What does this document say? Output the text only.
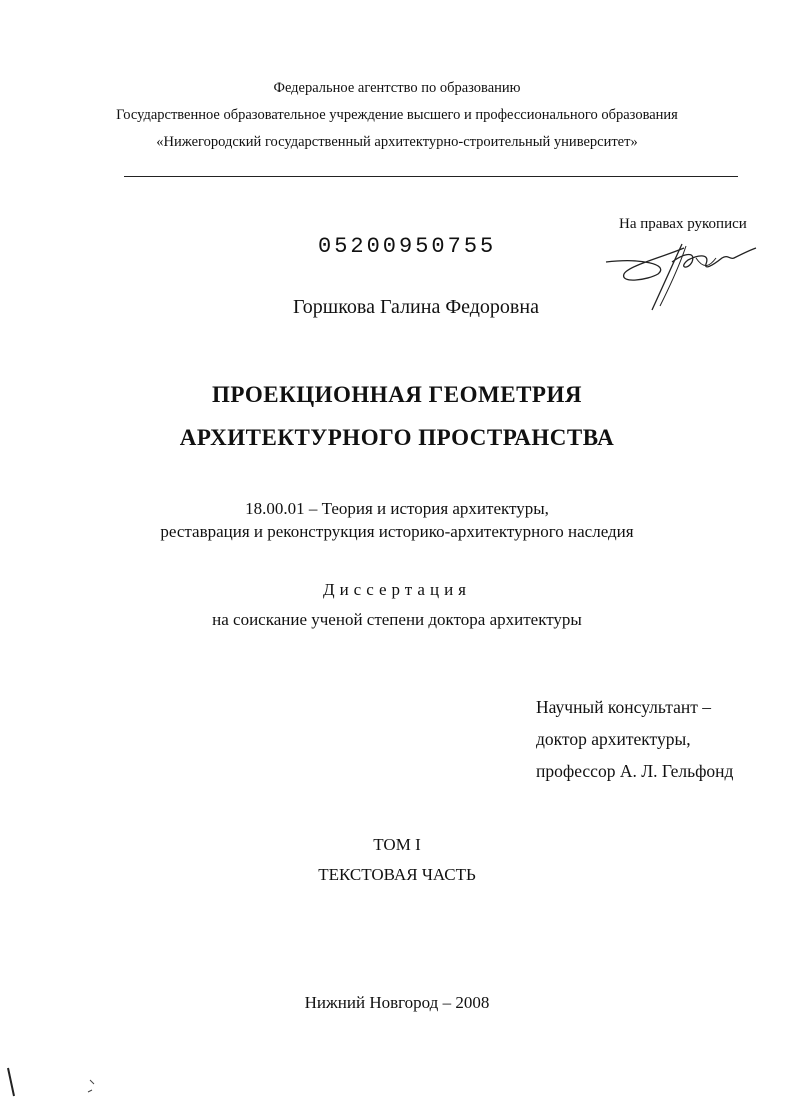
Федеральное агентство по образованию
Государственное образовательное учреждение высшего и профессионального образования
«Нижегородский государственный архитектурно-строительный университет»
На правах рукописи
05200950755
Горшкова Галина Федоровна
ПРОЕКЦИОННАЯ ГЕОМЕТРИЯ
АРХИТЕКТУРНОГО ПРОСТРАНСТВА
18.00.01 – Теория и история архитектуры,
реставрация и реконструкция историко-архитектурного наследия
Диссертация
на соискание ученой степени доктора архитектуры
Научный консультант –
доктор архитектуры,
профессор А. Л. Гельфонд
ТОМ I
ТЕКСТОВАЯ ЧАСТЬ
Нижний Новгород – 2008
